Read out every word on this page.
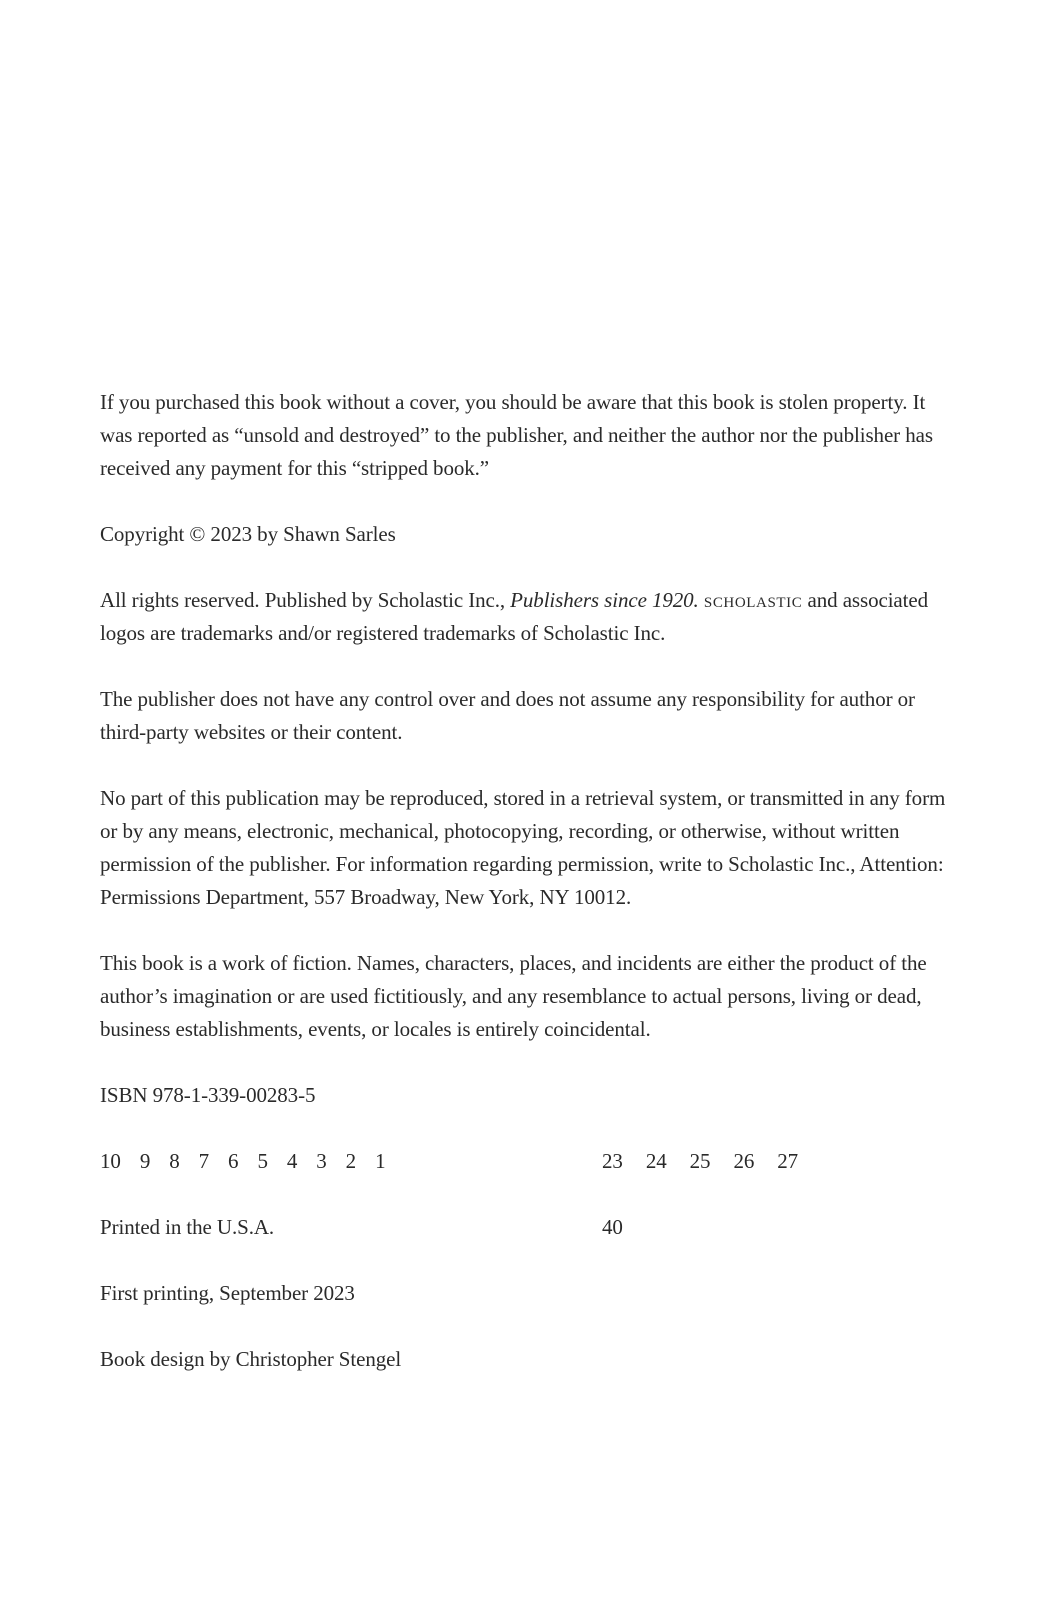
If you purchased this book without a cover, you should be aware that this book is stolen property. It was reported as “unsold and destroyed” to the publisher, and neither the author nor the publisher has received any payment for this “stripped book.”

Copyright © 2023 by Shawn Sarles

All rights reserved. Published by Scholastic Inc., Publishers since 1920. scholastic and associated logos are trademarks and/or registered trademarks of Scholastic Inc.

The publisher does not have any control over and does not assume any responsibility for author or third-party websites or their content.

No part of this publication may be reproduced, stored in a retrieval system, or transmitted in any form or by any means, electronic, mechanical, photocopying, recording, or otherwise, without written permission of the publisher. For information regarding permission, write to Scholastic Inc., Attention: Permissions Department, 557 Broadway, New York, NY 10012.

This book is a work of fiction. Names, characters, places, and incidents are either the product of the author’s imagination or are used fictitiously, and any resemblance to actual persons, living or dead, business establishments, events, or locales is entirely coincidental.

ISBN 978-1-339-00283-5

10 9 8 7 6 5 4 3 2 1	23 24 25 26 27
Printed in the U.S.A.	40

First printing, September 2023

Book design by Christopher Stengel
